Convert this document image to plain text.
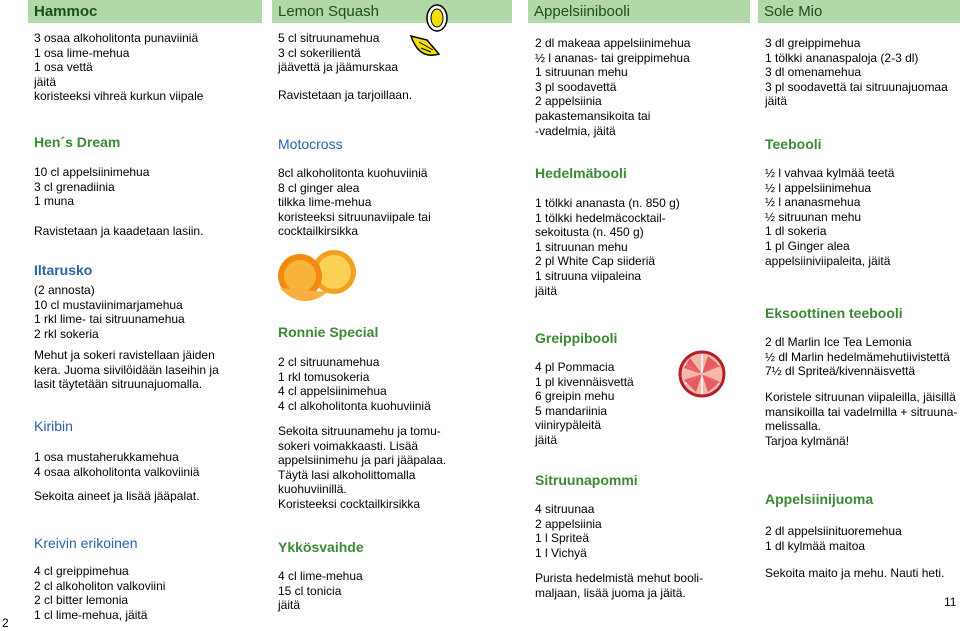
Hammoc	Lemon Squash	Appelsiinibooli	Sole Mio
3 osaa alkoholitonta punaviiniä
1 osa lime-mehua
1 osa vettä
jäitä
koristeeksi vihreä kurkun viipale
Hen´s Dream
10 cl appelsiinimehua
3 cl grenadiinia
1 muna
Ravistetaan ja kaadetaan lasiin.
Iltarusko
(2 annosta)
10 cl mustaviinimarjamehua
1 rkl lime- tai sitruunamehua
2 rkl sokeria
Mehut ja sokeri ravistellaan jäiden
kera. Juoma siivilöidään laseihin ja
lasit täytetään sitruunajuomalla.
Kiribin
1 osa mustaherukkamehua
4 osaa alkoholitonta valkoviiniä
Sekoita aineet ja lisää jääpalat.
Kreivin erikoinen
4 cl greippimehua
2 cl alkoholiton valkoviini
2 cl bitter lemonia
1 cl lime-mehua, jäitä
2
5 cl sitruunamehua
3 cl sokerilientä
jäävettä ja jäämurskaa
Ravistetaan ja tarjoillaan.
Motocross
8cl alkoholitonta kuohuviiniä
8 cl ginger alea
tilkka lime-mehua
koristeeksi sitruunaviipale tai
cocktailkirsikka
Ronnie Special
2 cl sitruunamehua
1 rkl tomusokeria
4 cl appelsiinimehua
4 cl alkoholitonta kuohuviiniä
Sekoita sitruunamehu ja tomu-
sokeri voimakkaasti. Lisää
appelsiinimehu ja pari jääpalaa.
Täytä lasi alkoholittomalla
kuohuviinillä.
Koristeeksi cocktailkirsikka
Ykkösvaihde
4 cl lime-mehua
15 cl tonicia
jäitä
2 dl makeaa appelsiinimehua
½ l ananas- tai greippimehua
1 sitruunan mehu
3 pl soodavettä
2 appelsiinia
pakastemansikoita tai
-vadelmia, jäitä
Hedelmäbooli
1 tölkki ananasta (n. 850 g)
1 tölkki hedelmäcocktail-
sekoitusta (n. 450 g)
1 sitruunan mehu
2 pl White Cap siideriä
1 sitruuna viipaleina
jäitä
Greippibooli
4 pl Pommacia
1 pl kivennäisvettä
6 greipin mehu
5 mandariinia
viinirypäleitä
jäitä
Sitruunapommi
4 sitruunaa
2 appelsiinia
1 l Spriteä
1 l Vichyä
Purista hedelmistä mehut booli-
maljaan, lisää juoma ja jäitä.
3 dl greippimehua
1 tölkki ananaspaloja (2-3 dl)
3 dl omenamehua
3 pl soodavettä tai sitruunajuomaa
jäitä
Teebooli
½ l vahvaa kylmää teetä
½ l appelsiinimehua
½ l ananasmehua
½ sitruunan mehu
1 dl sokeria
1 pl Ginger alea
appelsiiniviipaleita, jäitä
Eksoottinen teebooli
2 dl Marlin Ice Tea Lemonia
½ dl Marlin hedelmämehutiivistettä
7½ dl Spriteä/kivennäisvettä
Koristele sitruunan viipaleilla, jäisillä
mansikoilla tai vadelmilla + sitruuna-
melissalla.
Tarjoa kylmänä!
Appelsiinijuoma
2 dl appelsiinituoremehua
1 dl kylmää maitoa
Sekoita maito ja mehu. Nauti heti.
11
